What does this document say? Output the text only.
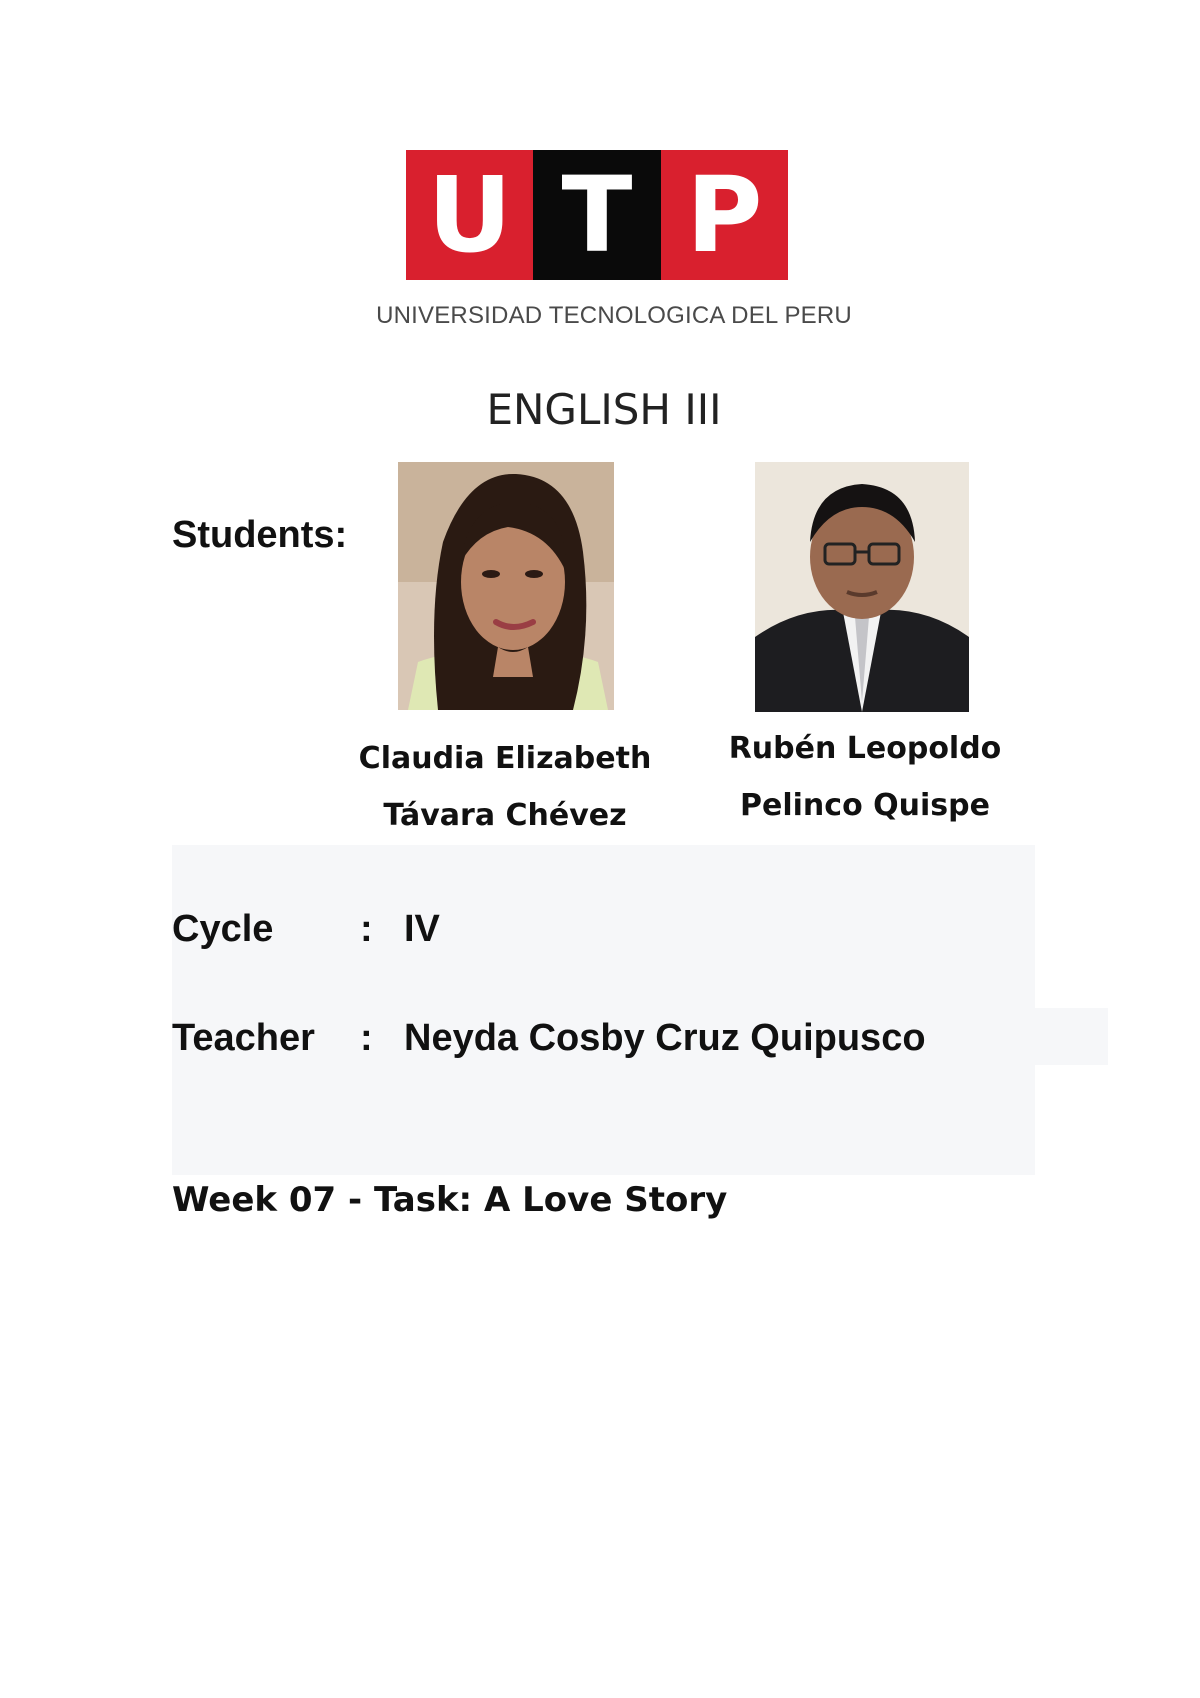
U T P
UNIVERSIDAD TECNOLOGICA DEL PERU
ENGLISH III
Students:
Claudia Elizabeth
Távara Chévez
Rubén Leopoldo
Pelinco Quispe
Cycle	: IV
Teacher	: Neyda Cosby Cruz Quipusco
Week 07 - Task: A Love Story
